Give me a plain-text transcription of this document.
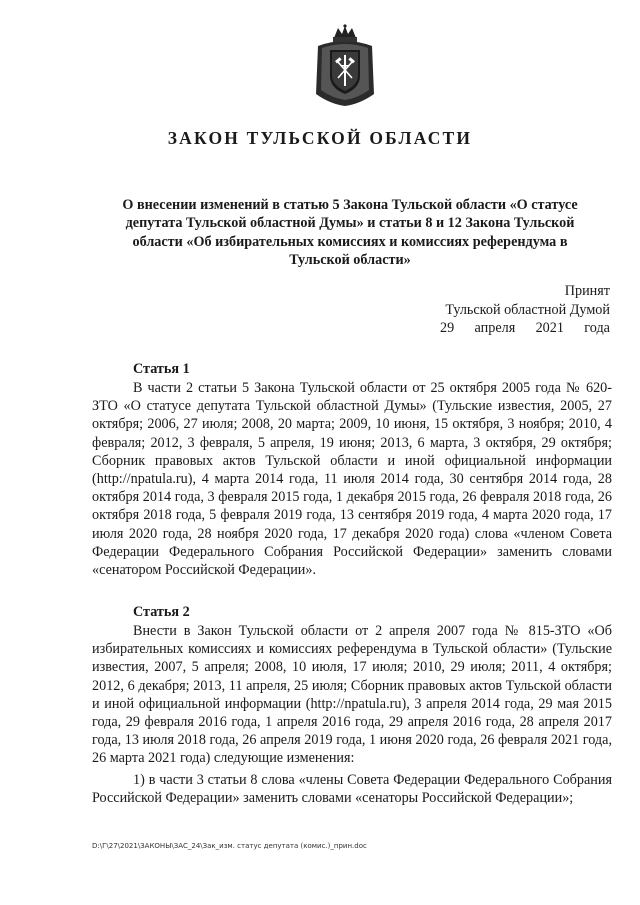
ЗАКОН ТУЛЬСКОЙ ОБЛАСТИ
О внесении изменений в статью 5 Закона Тульской области «О статусе депутата Тульской областной Думы» и статьи 8 и 12 Закона Тульской области «Об избирательных комиссиях и комиссиях референдума в Тульской области»
Принят
Тульской областной Думой
29 апреля 2021 года
Статья 1
В части 2 статьи 5 Закона Тульской области от 25 октября 2005 года № 620-ЗТО «О статусе депутата Тульской областной Думы» (Тульские известия, 2005, 27 октября; 2006, 27 июля; 2008, 20 марта; 2009, 10 июня, 15 октября, 3 ноября; 2010, 4 февраля; 2012, 3 февраля, 5 апреля, 19 июня; 2013, 6 марта, 3 октября, 29 октября; Сборник правовых актов Тульской области и иной официальной информации (http://npatula.ru), 4 марта 2014 года, 11 июля 2014 года, 30 сентября 2014 года, 28 октября 2014 года, 3 февраля 2015 года, 1 декабря 2015 года, 26 февраля 2018 года, 26 октября 2018 года, 5 февраля 2019 года, 13 сентября 2019 года, 4 марта 2020 года, 17 июля 2020 года, 28 ноября 2020 года, 17 декабря 2020 года) слова «членом Совета Федерации Федерального Собрания Российской Федерации» заменить словами «сенатором Российской Федерации».
Статья 2
Внести в Закон Тульской области от 2 апреля 2007 года № 815-ЗТО «Об избирательных комиссиях и комиссиях референдума в Тульской области» (Тульские известия, 2007, 5 апреля; 2008, 10 июля, 17 июля; 2010, 29 июля; 2011, 4 октября; 2012, 6 декабря; 2013, 11 апреля, 25 июля; Сборник правовых актов Тульской области и иной официальной информации (http://npatula.ru), 3 апреля 2014 года, 29 мая 2015 года, 29 февраля 2016 года, 1 апреля 2016 года, 29 апреля 2016 года, 28 апреля 2017 года, 13 июля 2018 года, 26 апреля 2019 года, 1 июня 2020 года, 26 февраля 2021 года, 26 марта 2021 года) следующие изменения:
1) в части 3 статьи 8 слова «члены Совета Федерации Федерального Собрания Российской Федерации» заменить словами «сенаторы Российской Федерации»;
D:\Г\27\2021\ЗАКОНЫ\ЗАС_24\Зак_изм. статус депутата (комис.)_прин.doc
